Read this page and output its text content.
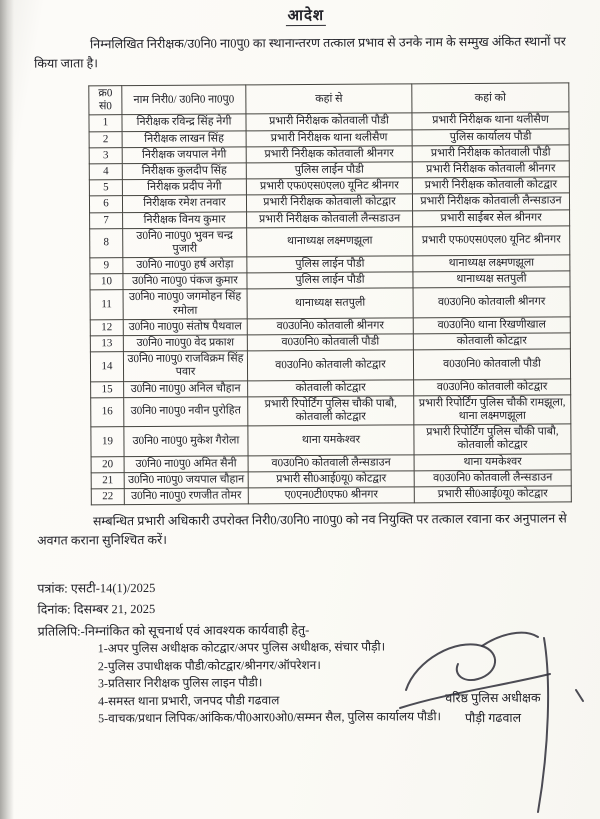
आदेश

निम्नलिखित निरीक्षक/उ0नि0 ना0पु0 का स्थानान्तरण तत्काल प्रभाव से उनके नाम के सम्मुख अंकित स्थानों पर किया जाता है।

क्र0 सं0	नाम निरी0/ उ0नि0 ना0पु0	कहां से	कहां को
1	निरीक्षक रविन्द्र सिंह नेगी	प्रभारी निरीक्षक कोतवाली पौडी	प्रभारी निरीक्षक थाना थलीसैण
2	निरीक्षक लाखन सिंह	प्रभारी निरीक्षक थाना थलीसैण	पुलिस कार्यालय पौडी
3	निरीक्षक जयपाल नेगी	प्रभारी निरीक्षक कोतवाली श्रीनगर	प्रभारी निरीक्षक कोतवाली पौडी
4	निरीक्षक कुलदीप सिंह	पुलिस लाईन पौडी	प्रभारी निरीक्षक कोतवाली श्रीनगर
5	निरीक्षक प्रदीप नेगी	प्रभारी एफ0एस0एल0 यूनिट श्रीनगर	प्रभारी निरीक्षक कोतवाली कोटद्वार
6	निरीक्षक रमेश तनवार	प्रभारी निरीक्षक कोतवाली कोटद्वार	प्रभारी निरीक्षक कोतवाली लैन्सडाउन
7	निरीक्षक विनय कुमार	प्रभारी निरीक्षक कोतवाली लैन्सडाउन	प्रभारी साईबर सेल श्रीनगर
8	उ0नि0 ना0पु0 भुवन चन्द्र पुजारी	थानाध्यक्ष लक्ष्मणझूला	प्रभारी एफ0एस0एल0 यूनिट श्रीनगर
9	उ0नि0 ना0पु0 हर्ष अरोड़ा	पुलिस लाईन पौडी	थानाध्यक्ष लक्ष्मणझूला
10	उ0नि0 ना0पु0 पंकज कुमार	पुलिस लाईन पौडी	थानाध्यक्ष सतपुली
11	उ0नि0 ना0पु0 जगमोहन सिंह रमोला	थानाध्यक्ष सतपुली	व0उ0नि0 कोतवाली श्रीनगर
12	उ0नि0 ना0पु0 संतोष पैथवाल	व0उ0नि0 कोतवाली श्रीनगर	व0उ0नि0 थाना रिखणीखाल
13	उ0नि0 ना0पु0 वेद प्रकाश	व0उ0नि0 कोतवाली पौडी	कोतवाली कोटद्वार
14	उ0नि0 ना0पु0 राजविक्रम सिंह पवार	व0उ0नि0 कोतवाली कोटद्वार	व0उ0नि0 कोतवाली पौडी
15	उ0नि0 ना0पु0 अनिल चौहान	कोतवाली कोटद्वार	व0उ0नि0 कोतवाली कोटद्वार
16	उ0नि0 ना0पु0 नवीन पुरोहित	प्रभारी रिपोर्टिंग पुलिस चौकी पाबौ, कोतवाली कोटद्वार	प्रभारी रिपोर्टिंग पुलिस चौकी रामझूला, थाना लक्ष्मणझूला
19	उ0नि0 ना0पु0 मुकेश गैरोला	थाना यमकेश्वर	प्रभारी रिपोर्टिंग पुलिस चौकी पाबौ, कोतवाली कोटद्वार
20	उ0नि0 ना0पु0 अमित सैनी	व0उ0नि0 कोतवाली लैन्सडाउन	थाना यमकेश्वर
21	उ0नि0 ना0पु0 जयपाल चौहान	प्रभारी सी0आई0यू0 कोटद्वार	व0उ0नि0 कोतवाली लैन्सडाउन
22	उ0नि0 ना0पु0 रणजीत तोमर	ए0एन0टी0एफ0 श्रीनगर	प्रभारी सी0आई0यू0 कोटद्वार

सम्बन्धित प्रभारी अधिकारी उपरोक्त निरी0/उ0नि0 ना0पु0 को नव नियुक्ति पर तत्काल रवाना कर अनुपालन से अवगत कराना सुनिश्चित करें।

पत्रांक: एसटी-14(1)/2025
दिनांक: दिसम्बर 21, 2025
प्रतिलिपि:-निम्नांकित को सूचनार्थ एवं आवश्यक कार्यवाही हेतु-
1-अपर पुलिस अधीक्षक कोटद्वार/अपर पुलिस अधीक्षक, संचार पौड़ी।
2-पुलिस उपाधीक्षक पौडी/कोटद्वार/श्रीनगर/ऑपरेशन।
3-प्रतिसार निरीक्षक पुलिस लाइन पौडी।
4-समस्त थाना प्रभारी, जनपद पौडी गढवाल
5-वाचक/प्रधान लिपिक/आंकिक/पी0आर0ओ0/सम्मन सैल, पुलिस कार्यालय पौडी।
वरिष्ठ पुलिस अधीक्षक
पौड़ी गढवाल
